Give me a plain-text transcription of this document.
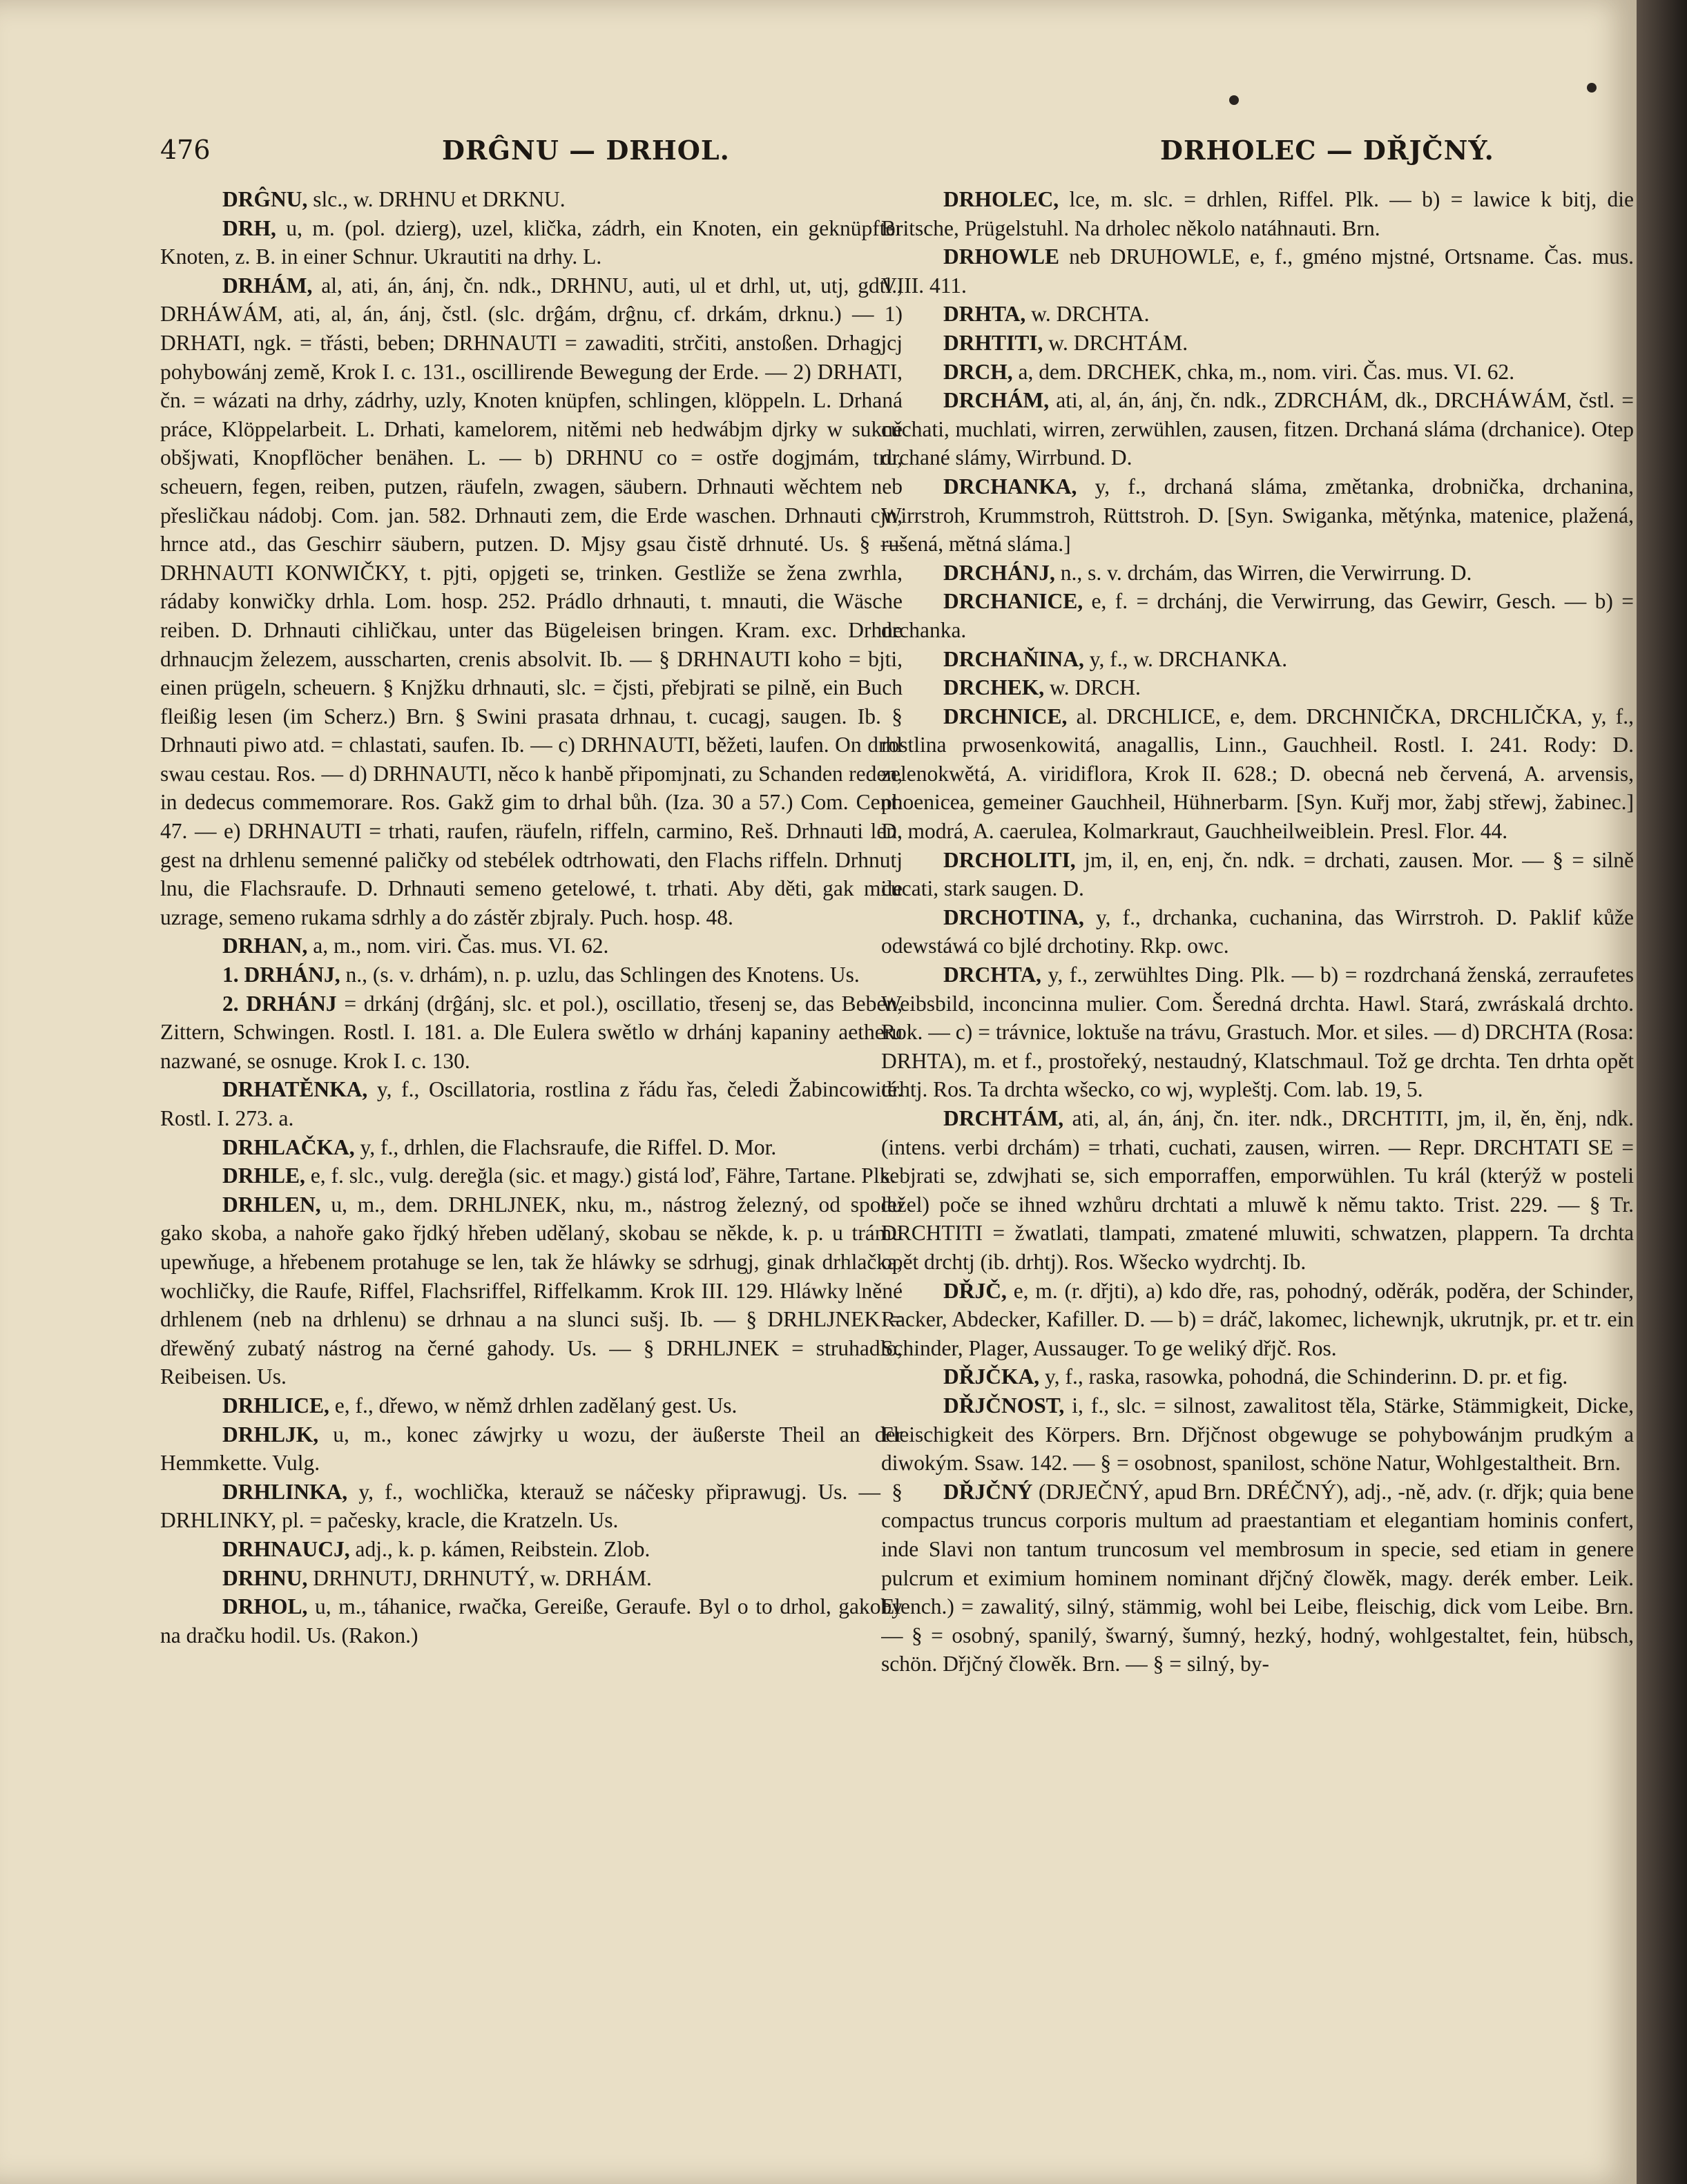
476	DRĜNU — DRHOL.	DRHOLEC — DŘJČNÝ.

DRĜNU, slc., w. DRHNU et DRKNU.

DRH, u, m. (pol. dzierg), uzel, klička, zádrh, ein Knoten, ein geknüpfter Knoten, z. B. in einer Schnur. Ukrautiti na drhy. L.

DRHÁM, al, ati, án, ánj, čn. ndk., DRHNU, auti, ul et drhl, ut, utj, gdtl., DRHÁWÁM, ati, al, án, ánj, čstl. (slc. drĝám, drĝnu, cf. drkám, drknu.) — 1) DRHATI, ngk. = třásti, beben; DRHNAUTI = zawaditi, strčiti, anstoßen. Drhagjcj pohybowánj země, Krok I. c. 131., oscillirende Bewegung der Erde. — 2) DRHATI, čn. = wázati na drhy, zádrhy, uzly, Knoten knüpfen, schlingen, klöppeln. L. Drhaná práce, Klöppelarbeit. L. Drhati, kamelorem, nitěmi neb hedwábjm djrky w sukně obšjwati, Knopflöcher benähen. L. — b) DRHNU co = ostře dogjmám, tru, scheuern, fegen, reiben, putzen, räufeln, zwagen, säubern. Drhnauti wěchtem neb přesličkau nádobj. Com. jan. 582. Drhnauti zem, die Erde waschen. Drhnauti cjn, hrnce atd., das Geschirr säubern, putzen. D. Mjsy gsau čistě drhnuté. Us. § — DRHNAUTI KONWIČKY, t. pjti, opjgeti se, trinken. Gestliže se žena zwrhla, rádaby konwičky drhla. Lom. hosp. 252. Prádlo drhnauti, t. mnauti, die Wäsche reiben. D. Drhnauti cihličkau, unter das Bügeleisen bringen. Kram. exc. Drhne drhnaucjm železem, ausscharten, crenis absolvit. Ib. — § DRHNAUTI koho = bjti, einen prügeln, scheuern. § Knjžku drhnauti, slc. = čjsti, přebjrati se pilně, ein Buch fleißig lesen (im Scherz.) Brn. § Swini prasata drhnau, t. cucagj, saugen. Ib. § Drhnauti piwo atd. = chlastati, saufen. Ib. — c) DRHNAUTI, běžeti, laufen. On drhl swau cestau. Ros. — d) DRHNAUTI, něco k hanbě připomjnati, zu Schanden reden, in dedecus commemorare. Ros. Gakž gim to drhal bůh. (Iza. 30 a 57.) Com. Cent. 47. — e) DRHNAUTI = trhati, raufen, räufeln, riffeln, carmino, Reš. Drhnauti len, gest na drhlenu semenné paličky od stebélek odtrhowati, den Flachs riffeln. Drhnutj lnu, die Flachsraufe. D. Drhnauti semeno getelowé, t. trhati. Aby děti, gak mile uzrage, semeno rukama sdrhly a do zástěr zbjraly. Puch. hosp. 48.

DRHAN, a, m., nom. viri. Čas. mus. VI. 62.

1. DRHÁNJ, n., (s. v. drhám), n. p. uzlu, das Schlingen des Knotens. Us.

2. DRHÁNJ = drkánj (drĝánj, slc. et pol.), oscillatio, třesenj se, das Beben, Zittern, Schwingen. Rostl. I. 181. a. Dle Eulera swětlo w drhánj kapaniny aetheru nazwané, se osnuge. Krok I. c. 130.

DRHATĚNKA, y, f., Oscillatoria, rostlina z řádu řas, čeledi Žabincowité. Rostl. I. 273. a.

DRHLAČKA, y, f., drhlen, die Flachsraufe, die Riffel. D. Mor.

DRHLE, e, f. slc., vulg. dereğla (sic. et magy.) gistá loď, Fähre, Tartane. Plk.

DRHLEN, u, m., dem. DRHLJNEK, nku, m., nástrog železný, od spodu gako skoba, a nahoře gako řjdký hřeben udělaný, skobau se někde, k. p. u trámu upewňuge, a hřebenem protahuge se len, tak že hláwky se sdrhugj, ginak drhlačka, wochličky, die Raufe, Riffel, Flachsriffel, Riffelkamm. Krok III. 129. Hláwky lněné drhlenem (neb na drhlenu) se drhnau a na slunci sušj. Ib. — § DRHLJNEK = dřewěný zubatý nástrog na černé gahody. Us. — § DRHLJNEK = struhadlo, Reibeisen. Us.

DRHLICE, e, f., dřewo, w němž drhlen zadělaný gest. Us.

DRHLJK, u, m., konec záwjrky u wozu, der äußerste Theil an der Hemmkette. Vulg.

DRHLINKA, y, f., wochlička, kterauž se náčesky připrawugj. Us. — § DRHLINKY, pl. = pačesky, kracle, die Kratzeln. Us.

DRHNAUCJ, adj., k. p. kámen, Reibstein. Zlob.

DRHNU, DRHNUTJ, DRHNUTÝ, w. DRHÁM.

DRHOL, u, m., táhanice, rwačka, Gereiße, Geraufe. Byl o to drhol, gakoby na dračku hodil. Us. (Rakon.)

DRHOLEC, lce, m. slc. = drhlen, Riffel. Plk. — b) = lawice k bitj, die Britsche, Prügelstuhl. Na drholec několo natáhnauti. Brn.

DRHOWLE neb DRUHOWLE, e, f., gméno mjstné, Ortsname. Čas. mus. VIII. 411.

DRHTA, w. DRCHTA.

DRHTITI, w. DRCHTÁM.

DRCH, a, dem. DRCHEK, chka, m., nom. viri. Čas. mus. VI. 62.

DRCHÁM, ati, al, án, ánj, čn. ndk., ZDRCHÁM, dk., DRCHÁWÁM, čstl. = cuchati, muchlati, wirren, zerwühlen, zausen, fitzen. Drchaná sláma (drchanice). Otep drchané slámy, Wirrbund. D.

DRCHANKA, y, f., drchaná sláma, změtanka, drobnička, drchanina, Wirrstroh, Krummstroh, Rüttstroh. D. [Syn. Swiganka, mětýnka, matenice, plažená, rušená, mětná sláma.]

DRCHÁNJ, n., s. v. drchám, das Wirren, die Verwirrung. D.

DRCHANICE, e, f. = drchánj, die Verwirrung, das Gewirr, Gesch. — b) = drchanka.

DRCHAŇINA, y, f., w. DRCHANKA.

DRCHEK, w. DRCH.

DRCHNICE, al. DRCHLICE, e, dem. DRCHNIČKA, DRCHLIČKA, y, f., rostlina prwosenkowitá, anagallis, Linn., Gauchheil. Rostl. I. 241. Rody: D. zelenokwětá, A. viridiflora, Krok II. 628.; D. obecná neb červená, A. arvensis, phoenicea, gemeiner Gauchheil, Hühnerbarm. [Syn. Kuřj mor, žabj střewj, žabinec.] D. modrá, A. caerulea, Kolmarkraut, Gauchheilweiblein. Presl. Flor. 44.

DRCHOLITI, jm, il, en, enj, čn. ndk. = drchati, zausen. Mor. — § = silně cucati, stark saugen. D.

DRCHOTINA, y, f., drchanka, cuchanina, das Wirrstroh. D. Paklif kůže odewstáwá co bjlé drchotiny. Rkp. owc.

DRCHTA, y, f., zerwühltes Ding. Plk. — b) = rozdrchaná ženská, zerraufetes Weibsbild, inconcinna mulier. Com. Šeredná drchta. Hawl. Stará, zwráskalá drchto. Rok. — c) = trávnice, loktuše na trávu, Grastuch. Mor. et siles. — d) DRCHTA (Rosa: DRHTA), m. et f., prostořeký, nestaudný, Klatschmaul. Tož ge drchta. Ten drhta opět drhtj. Ros. Ta drchta wšecko, co wj, wypleštj. Com. lab. 19, 5.

DRCHTÁM, ati, al, án, ánj, čn. iter. ndk., DRCHTITI, jm, il, ěn, ěnj, ndk. (intens. verbi drchám) = trhati, cuchati, zausen, wirren. — Repr. DRCHTATI SE = sebjrati se, zdwjhati se, sich emporraffen, emporwühlen. Tu král (kterýž w posteli ležel) poče se ihned wzhůru drchtati a mluwě k němu takto. Trist. 229. — § Tr. DRCHTITI = žwatlati, tlampati, zmatené mluwiti, schwatzen, plappern. Ta drchta opět drchtj (ib. drhtj). Ros. Wšecko wydrchtj. Ib.

DŘJČ, e, m. (r. dřjti), a) kdo dře, ras, pohodný, oděrák, poděra, der Schinder, Racker, Abdecker, Kafiller. D. — b) = dráč, lakomec, lichewnjk, ukrutnjk, pr. et tr. ein Schinder, Plager, Aussauger. To ge weliký dřjč. Ros.

DŘJČKA, y, f., raska, rasowka, pohodná, die Schinderinn. D. pr. et fig.

DŘJČNOST, i, f., slc. = silnost, zawalitost těla, Stärke, Stämmigkeit, Dicke, Fleischigkeit des Körpers. Brn. Dřjčnost obgewuge se pohybowánjm prudkým a diwokým. Ssaw. 142. — § = osobnost, spanilost, schöne Natur, Wohlgestaltheit. Brn.

DŘJČNÝ (DRJEČNÝ, apud Brn. DRÉČNÝ), adj., -ně, adv. (r. dřjk; quia bene compactus truncus corporis multum ad praestantiam et elegantiam hominis confert, inde Slavi non tantum truncosum vel membrosum in specie, sed etiam in genere pulcrum et eximium hominem nominant dřjčný člowěk, magy. derék ember. Leik. Elench.) = zawalitý, silný, stämmig, wohl bei Leibe, fleischig, dick vom Leibe. Brn. — § = osobný, spanilý, šwarný, šumný, hezký, hodný, wohlgestaltet, fein, hübsch, schön. Dřjčný člowěk. Brn. — § = silný, by-
